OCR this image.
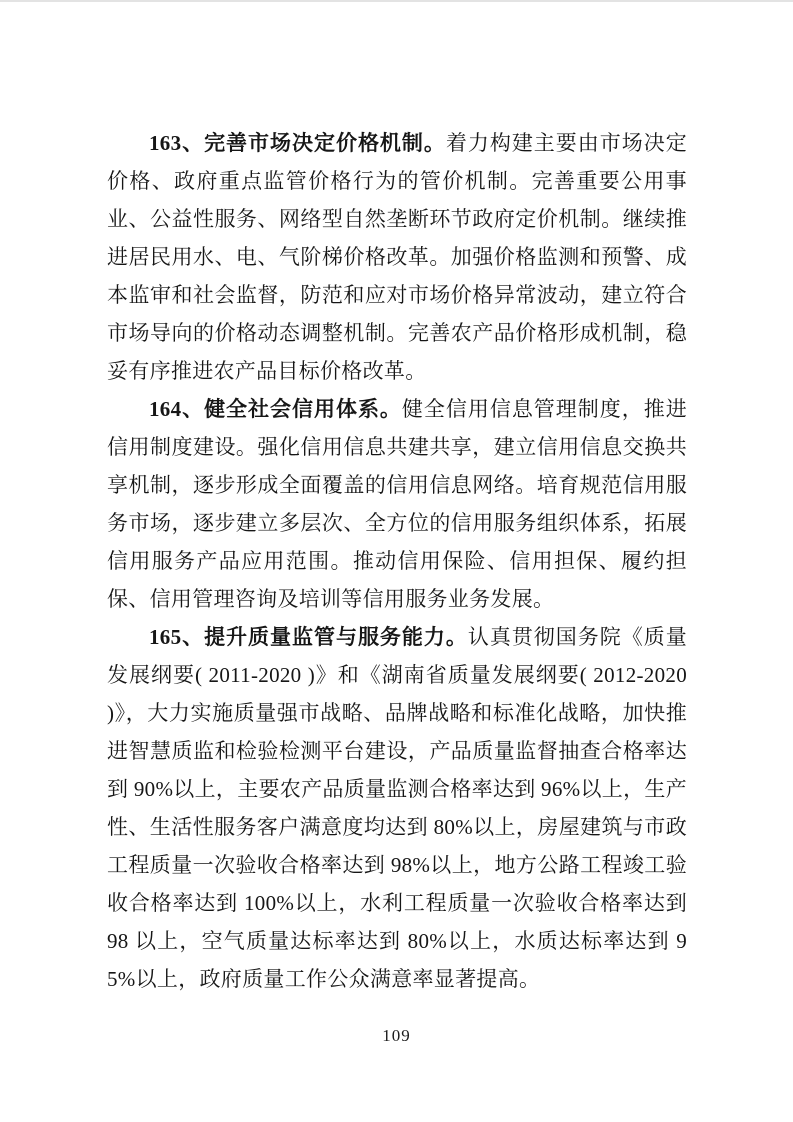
163、完善市场决定价格机制。着力构建主要由市场决定价格、政府重点监管价格行为的管价机制。完善重要公用事业、公益性服务、网络型自然垄断环节政府定价机制。继续推进居民用水、电、气阶梯价格改革。加强价格监测和预警、成本监审和社会监督，防范和应对市场价格异常波动，建立符合市场导向的价格动态调整机制。完善农产品价格形成机制，稳妥有序推进农产品目标价格改革。

164、健全社会信用体系。健全信用信息管理制度，推进信用制度建设。强化信用信息共建共享，建立信用信息交换共享机制，逐步形成全面覆盖的信用信息网络。培育规范信用服务市场，逐步建立多层次、全方位的信用服务组织体系，拓展信用服务产品应用范围。推动信用保险、信用担保、履约担保、信用管理咨询及培训等信用服务业务发展。

165、提升质量监管与服务能力。认真贯彻国务院《质量发展纲要( 2011-2020 )》和《湖南省质量发展纲要( 2012-2020 )》，大力实施质量强市战略、品牌战略和标准化战略，加快推进智慧质监和检验检测平台建设，产品质量监督抽查合格率达到 90%以上，主要农产品质量监测合格率达到 96%以上，生产性、生活性服务客户满意度均达到 80%以上，房屋建筑与市政工程质量一次验收合格率达到 98%以上，地方公路工程竣工验收合格率达到 100%以上，水利工程质量一次验收合格率达到 98 以上，空气质量达标率达到 80%以上，水质达标率达到 95%以上，政府质量工作公众满意率显著提高。

109
